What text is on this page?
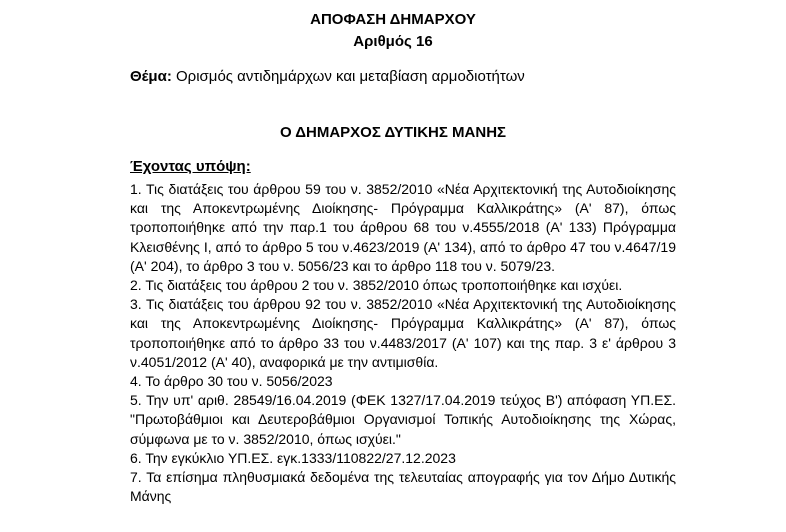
ΑΠΟΦΑΣΗ ΔΗΜΑΡΧΟΥ
Αριθμός 16
Θέμα: Ορισμός αντιδημάρχων και μεταβίαση αρμοδιοτήτων
Ο ΔΗΜΑΡΧΟΣ ΔΥΤΙΚΗΣ ΜΑΝΗΣ
Έχοντας υπόψη:

1. Τις διατάξεις του άρθρου 59 του ν. 3852/2010 «Νέα Αρχιτεκτονική της Αυτοδιοίκησης και της Αποκεντρωμένης Διοίκησης- Πρόγραμμα Καλλικράτης» (Α' 87), όπως τροποποιήθηκε από την παρ.1 του άρθρου 68 του ν.4555/2018 (Α' 133) Πρόγραμμα Κλεισθένης Ι, από το άρθρο 5 του ν.4623/2019 (Α' 134), από το άρθρο 47 του ν.4647/19 (Α' 204), το άρθρο 3 του ν. 5056/23 και το άρθρο 118 του ν. 5079/23.

2. Τις διατάξεις του άρθρου 2 του ν. 3852/2010 όπως τροποποιήθηκε και ισχύει.

3. Τις διατάξεις του άρθρου 92 του ν. 3852/2010 «Νέα Αρχιτεκτονική της Αυτοδιοίκησης και της Αποκεντρωμένης Διοίκησης- Πρόγραμμα Καλλικράτης» (Α' 87), όπως τροποποιήθηκε από το άρθρο 33 του ν.4483/2017 (Α' 107) και της παρ. 3 ε' άρθρου 3 ν.4051/2012 (Α' 40), αναφορικά με την αντιμισθία.

4. Το άρθρο 30 του ν. 5056/2023

5. Την υπ' αριθ. 28549/16.04.2019 (ΦΕΚ 1327/17.04.2019 τεύχος Β') απόφαση ΥΠ.ΕΣ. "Πρωτοβάθμιοι και Δευτεροβάθμιοι Οργανισμοί Τοπικής Αυτοδιοίκησης της Χώρας, σύμφωνα με το ν. 3852/2010, όπως ισχύει."

6. Την εγκύκλιο ΥΠ.ΕΣ. εγκ.1333/110822/27.12.2023

7. Τα επίσημα πληθυσμιακά δεδομένα της τελευταίας απογραφής για τον Δήμο Δυτικής Μάνης
